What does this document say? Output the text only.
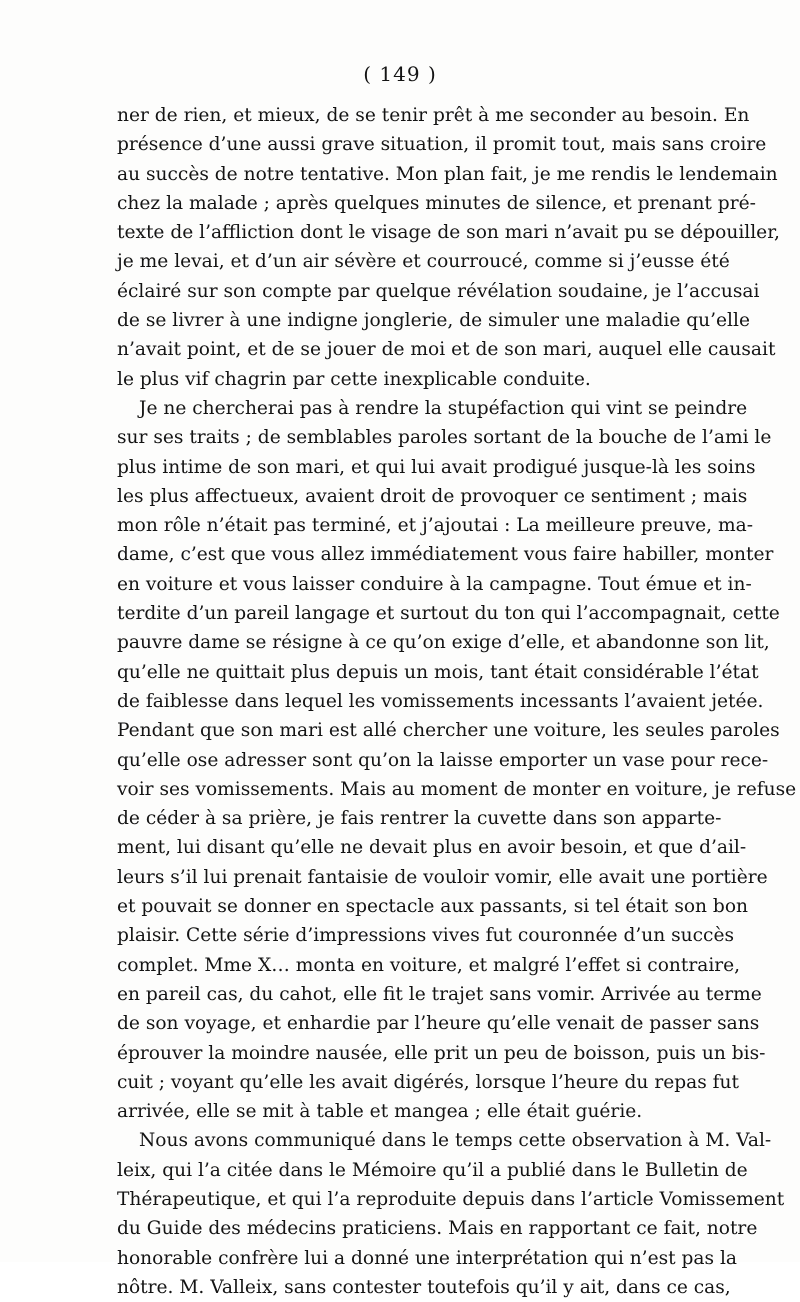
( 149 )
ner de rien, et mieux, de se tenir prêt à me seconder au besoin. En
présence d’une aussi grave situation, il promit tout, mais sans croire
au succès de notre tentative. Mon plan fait, je me rendis le lendemain
chez la malade ; après quelques minutes de silence, et prenant pré-
texte de l’affliction dont le visage de son mari n’avait pu se dépouiller,
je me levai, et d’un air sévère et courroucé, comme si j’eusse été
éclairé sur son compte par quelque révélation soudaine, je l’accusai
de se livrer à une indigne jonglerie, de simuler une maladie qu’elle
n’avait point, et de se jouer de moi et de son mari, auquel elle causait
le plus vif chagrin par cette inexplicable conduite.
Je ne chercherai pas à rendre la stupéfaction qui vint se peindre
sur ses traits ; de semblables paroles sortant de la bouche de l’ami le
plus intime de son mari, et qui lui avait prodigué jusque-là les soins
les plus affectueux, avaient droit de provoquer ce sentiment ; mais
mon rôle n’était pas terminé, et j’ajoutai : La meilleure preuve, ma-
dame, c’est que vous allez immédiatement vous faire habiller, monter
en voiture et vous laisser conduire à la campagne. Tout émue et in-
terdite d’un pareil langage et surtout du ton qui l’accompagnait, cette
pauvre dame se résigne à ce qu’on exige d’elle, et abandonne son lit,
qu’elle ne quittait plus depuis un mois, tant était considérable l’état
de faiblesse dans lequel les vomissements incessants l’avaient jetée.
Pendant que son mari est allé chercher une voiture, les seules paroles
qu’elle ose adresser sont qu’on la laisse emporter un vase pour rece-
voir ses vomissements. Mais au moment de monter en voiture, je refuse
de céder à sa prière, je fais rentrer la cuvette dans son apparte-
ment, lui disant qu’elle ne devait plus en avoir besoin, et que d’ail-
leurs s’il lui prenait fantaisie de vouloir vomir, elle avait une portière
et pouvait se donner en spectacle aux passants, si tel était son bon
plaisir. Cette série d’impressions vives fut couronnée d’un succès
complet. Mme X… monta en voiture, et malgré l’effet si contraire,
en pareil cas, du cahot, elle fit le trajet sans vomir. Arrivée au terme
de son voyage, et enhardie par l’heure qu’elle venait de passer sans
éprouver la moindre nausée, elle prit un peu de boisson, puis un bis-
cuit ; voyant qu’elle les avait digérés, lorsque l’heure du repas fut
arrivée, elle se mit à table et mangea ; elle était guérie.
Nous avons communiqué dans le temps cette observation à M. Val-
leix, qui l’a citée dans le Mémoire qu’il a publié dans le Bulletin de
Thérapeutique, et qui l’a reproduite depuis dans l’article Vomissement
du Guide des médecins praticiens. Mais en rapportant ce fait, notre
honorable confrère lui a donné une interprétation qui n’est pas la
nôtre. M. Valleix, sans contester toutefois qu’il y ait, dans ce cas,
